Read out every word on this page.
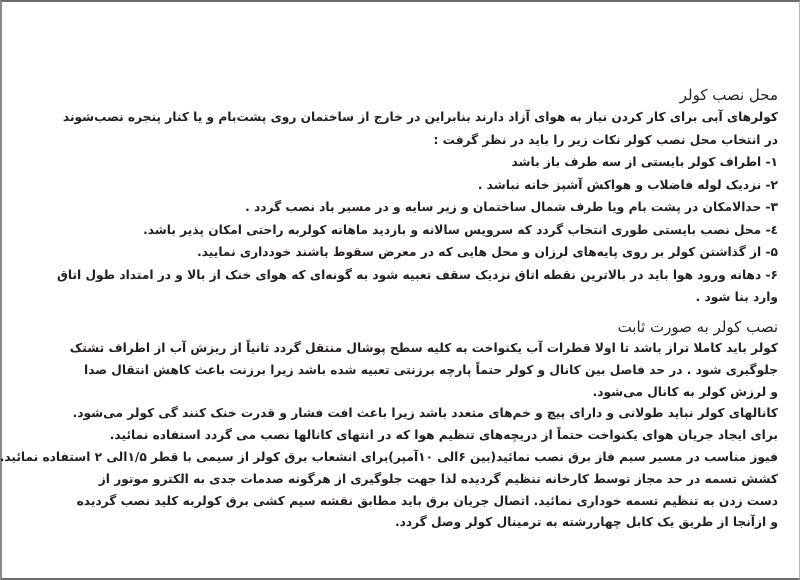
محل نصب کولر

کولرهای آبی برای کار کردن نیاز به هوای آزاد دارند بنابراین در خارج از ساختمان روی پشت‌بام و یا کنار پنجره نصب‌شوند

در انتخاب محل نصب کولر نکات زیر را باید در نظر گرفت :

۱- اطراف کولر بایستی از سه طرف باز باشد

۲- نزدیک لوله فاضلاب و هواکش آشپز خانه نباشد .

۳- حدالامکان در پشت بام ویا طرف شمال ساختمان و زیر سایه و در مسیر باد نصب گردد .

٤- محل نصب بایستی طوری انتخاب گردد که سرویس سالانه و بازدید ماهانه کولربه راحتی امکان پذیر باشد.

۵- از گذاشتن کولر بر روی پایه‌های لرزان و محل هایی که در معرض سقوط باشند خودداری نمایید.

۶- دهانه ورود هوا باید در بالاترین نقطه اتاق نزدیک سقف تعبیه شود به گونه‌ای که هوای خنک از بالا و در امتداد طول اتاق

وارد بنا شود .

نصب کولر به صورت ثابت

کولر باید کاملا تراز باشد تا اولا قطرات آب یکنواخت به کلیه سطح پوشال منتقل گردد ثانیاً از ریزش آب از اطراف تشتک

جلوگیری شود . در حد فاصل بین کانال و کولر حتماً پارچه برزنتی تعبیه شده باشد زیرا برزنت باعث کاهش انتقال صدا

و لرزش کولر به کانال می‌شود.

کانالهای کولر نباید طولانی و دارای پیچ و خم‌های متعدد باشد زیرا باعث افت فشار و قدرت خنک کنند گی کولر می‌شود.

برای ایجاد جریان هوای یکنواخت حتماً از دریچه‌های تنظیم هوا که در انتهای کانالها نصب می گردد استفاده نمائید.

فیوز مناسب در مسیر سیم فاز برق نصب نمائید(بین ۶الی ۱۰آمپر)برای انشعاب برق کولر از سیمی با قطر ۱/۵الی ۲ استفاده نمائید.

کشش تسمه در حد مجاز توسط کارخانه تنظیم گردیده لذا جهت جلوگیری از هرگونه صدمات جدی به الکترو موتور از

دست زدن به تنظیم تسمه خوداری نمائید. اتصال جریان برق باید مطابق نقشه سیم کشی برق کولربه کلید نصب گردیده

و ازآنجا از طریق یک کابل چهاررشته به ترمینال کولر وصل گردد.
